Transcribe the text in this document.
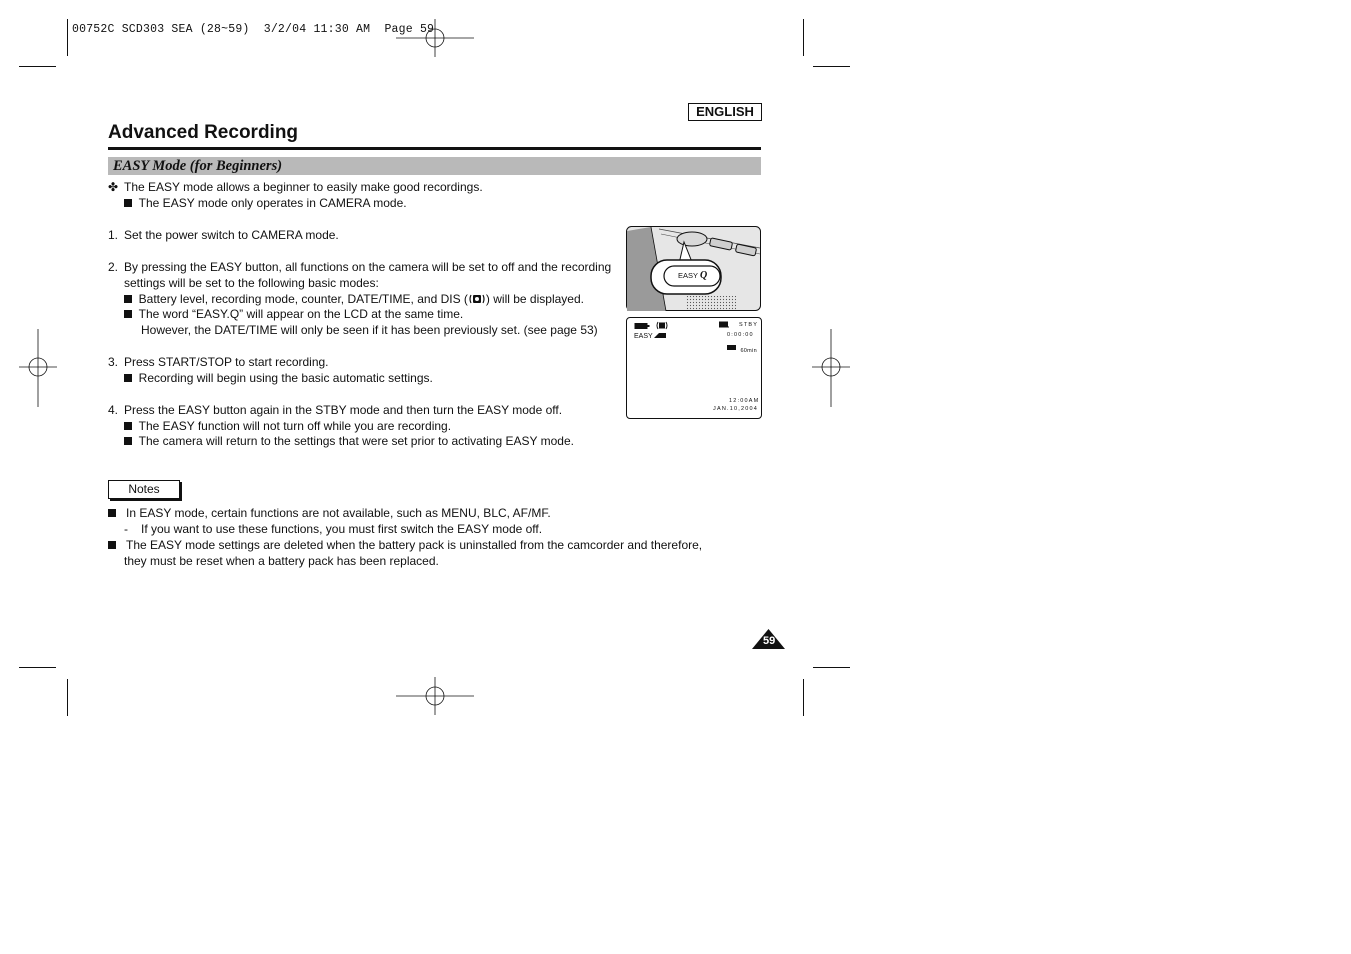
00752C SCD303 SEA (28~59)  3/2/04 11:30 AM  Page 59
ENGLISH
Advanced Recording
EASY Mode (for Beginners)
✤ The EASY mode allows a beginner to easily make good recordings.
The EASY mode only operates in CAMERA mode.
1. Set the power switch to CAMERA mode.
2. By pressing the EASY button, all functions on the camera will be set to off and the recording
settings will be set to the following basic modes:
Battery level, recording mode, counter, DATE/TIME, and DIS ( ) will be displayed.
The word “EASY.Q” will appear on the LCD at the same time.
However, the DATE/TIME will only be seen if it has been previously set. (see page 53)
3. Press START/STOP to start recording.
Recording will begin using the basic automatic settings.
4. Press the EASY button again in the STBY mode and then turn the EASY mode off.
The EASY function will not turn off while you are recording.
The camera will return to the settings that were set prior to activating EASY mode.
Notes
In EASY mode, certain functions are not available, such as MENU, BLC, AF/MF.
- If you want to use these functions, you must first switch the EASY mode off.
The EASY mode settings are deleted when the battery pack is uninstalled from the camcorder and therefore,
they must be reset when a battery pack has been replaced.
EASY Q
EASY
STBY
0:00:00
60min
12:00AM
JAN.10,2004
59
